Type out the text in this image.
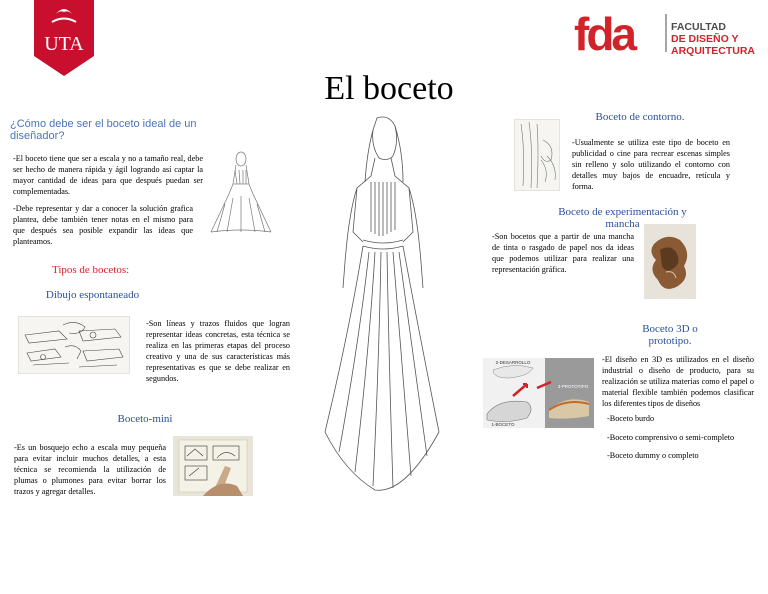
UTA	fda	FACULTAD
DE DISEÑO Y
ARQUITECTURA
El boceto
¿Cómo debe ser el boceto ideal de un diseñador?
-El boceto tiene que ser a escala y no a tamaño real, debe ser hecho de manera rápida y ágil logrando así captar la mayor cantidad de ideas para que después puedan ser complementadas.
-Debe representar y dar a conocer la solución grafica plantea, debe también tener notas en el mismo para que después sea posible expandir las ideas que planteamos.
Tipos de bocetos:
Dibujo espontaneado
-Son líneas y trazos fluidos que logran representar ideas concretas, esta técnica se realiza en las primeras etapas del proceso creativo y una de sus características más representativas es que se debe realizar en segundos.
Boceto-mini
-Es un bosquejo echo a escala muy pequeña para evitar incluir muchos detalles, a esta técnica se recomienda la utilización de plumas o plumones para evitar borrar los trazos y agregar detalles.
Boceto de contorno.
-Usualmente se utiliza este tipo de boceto en publicidad o cine para recrear escenas simples sin relleno y solo utilizando el contorno con detalles muy bajos de encuadre, retícula y forma.
Boceto de experimentación y mancha
-Son bocetos que a partir de una mancha de tinta o rasgado de papel nos da ideas que podemos utilizar para realizar una representación gráfica.
Boceto 3D o prototipo.
2-DESARROLLO
3-PROTOTIPO
1-BOCETO
-El diseño en 3D es utilizados en el diseño industrial o diseño de producto, para su realización se utiliza materias como el papel o material flexible también podemos clasificar los diferentes tipos de diseños
-Boceto burdo
-Boceto comprensivo o semi-completo
-Boceto dummy o completo
